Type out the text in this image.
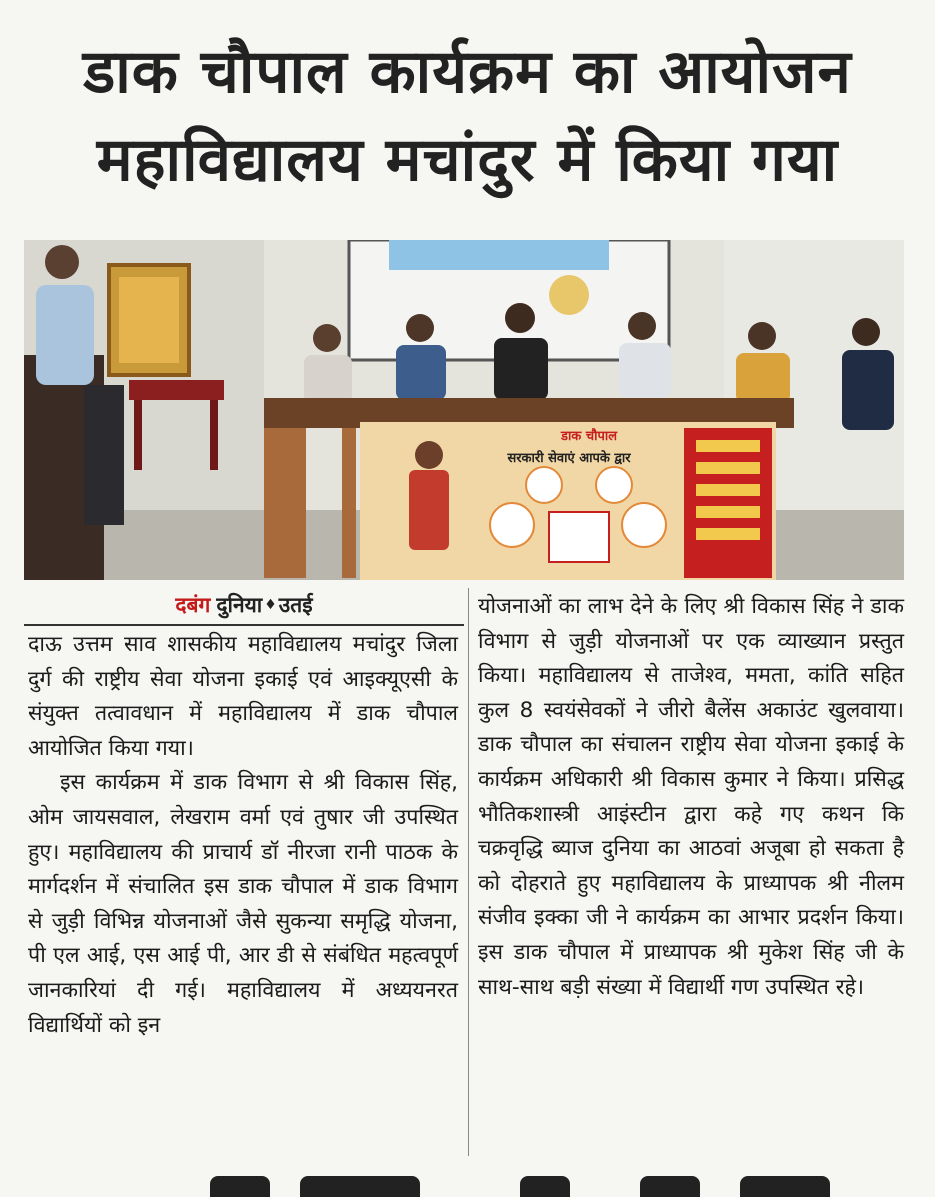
डाक चौपाल कार्यक्रम का आयोजन
महाविद्यालय मचांदुर में किया गया
डाक चौपाल
सरकारी सेवाएं आपके द्वार
दबंग दुनिया ♦ उतई

दाऊ उत्तम साव शासकीय महाविद्यालय मचांदुर जिला दुर्ग की राष्ट्रीय सेवा योजना इकाई एवं आइक्यूएसी के संयुक्त तत्वावधान में महाविद्यालय में डाक चौपाल आयोजित किया गया।

इस कार्यक्रम में डाक विभाग से श्री विकास सिंह, ओम जायसवाल, लेखराम वर्मा एवं तुषार जी उपस्थित हुए। महाविद्यालय की प्राचार्य डॉ नीरजा रानी पाठक के मार्गदर्शन में संचालित इस डाक चौपाल में डाक विभाग से जुड़ी विभिन्न योजनाओं जैसे सुकन्या समृद्धि योजना, पी एल आई, एस आई पी, आर डी से संबंधित महत्वपूर्ण जानकारियां दी गई। महाविद्यालय में अध्ययनरत विद्यार्थियों को इन

योजनाओं का लाभ देने के लिए श्री विकास सिंह ने डाक विभाग से जुड़ी योजनाओं पर एक व्याख्यान प्रस्तुत किया। महाविद्यालय से ताजेश्व, ममता, कांति सहित कुल 8 स्वयंसेवकों ने जीरो बैलेंस अकाउंट खुलवाया। डाक चौपाल का संचालन राष्ट्रीय सेवा योजना इकाई के कार्यक्रम अधिकारी श्री विकास कुमार ने किया। प्रसिद्ध भौतिकशास्त्री आइंस्टीन द्वारा कहे गए कथन कि चक्रवृद्धि ब्याज दुनिया का आठवां अजूबा हो सकता है को दोहराते हुए महाविद्यालय के प्राध्यापक श्री नीलम संजीव इक्का जी ने कार्यक्रम का आभार प्रदर्शन किया। इस डाक चौपाल में प्राध्यापक श्री मुकेश सिंह जी के साथ-साथ बड़ी संख्या में विद्यार्थी गण उपस्थित रहे।
